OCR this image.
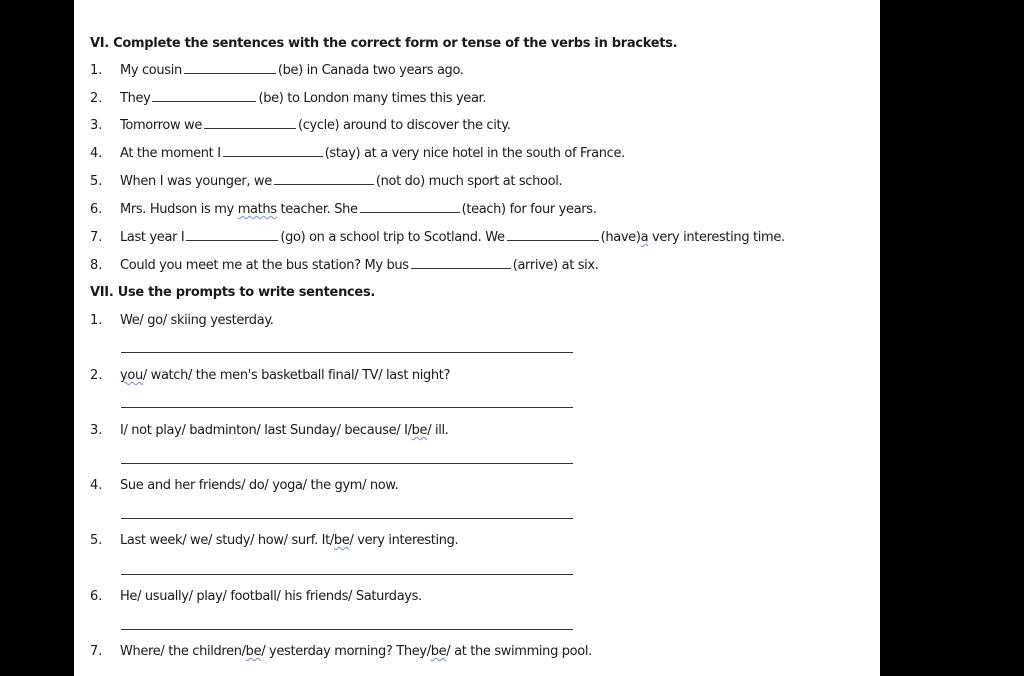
VI. Complete the sentences with the correct form or tense of the verbs in brackets.
1. My cousin	(be) in Canada two years ago.
2. They	(be) to London many times this year.
3. Tomorrow we	(cycle) around to discover the city.
4. At the moment I	(stay) at a very nice hotel in the south of France.
5. When I was younger, we	(not do) much sport at school.
6. Mrs. Hudson is my maths teacher. She	(teach) for four years.
7. Last year I	(go) on a school trip to Scotland. We	(have)a very interesting time.
8. Could you meet me at the bus station? My bus	(arrive) at six.
VII. Use the prompts to write sentences.
1. We/ go/ skiing yesterday.
2. you/ watch/ the men's basketball final/ TV/ last night?
3. I/ not play/ badminton/ last Sunday/ because/ I/be/ ill.
4. Sue and her friends/ do/ yoga/ the gym/ now.
5. Last week/ we/ study/ how/ surf. It/be/ very interesting.
6. He/ usually/ play/ football/ his friends/ Saturdays.
7. Where/ the children/be/ yesterday morning? They/be/ at the swimming pool.
